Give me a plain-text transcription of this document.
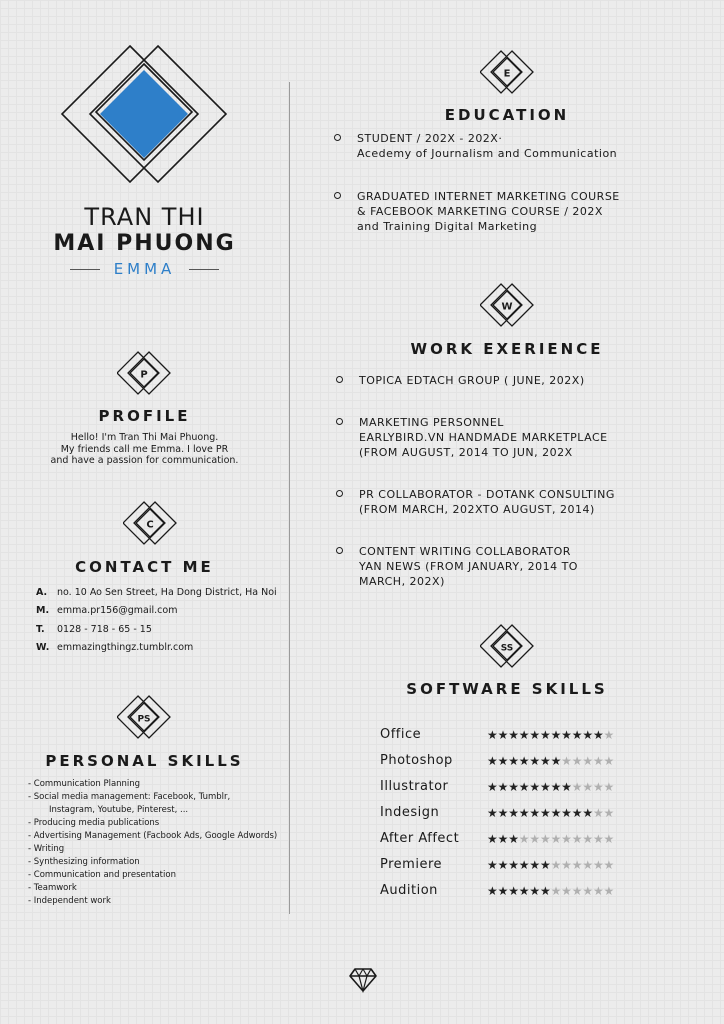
TRAN THI
MAI PHUONG
EMMA
P
PROFILE
Hello! I'm Tran Thi Mai Phuong.
My friends call me Emma. I love PR
and have a passion for communication.
C
CONTACT ME
A. no. 10 Ao Sen Street, Ha Dong District, Ha Noi
M. emma.pr156@gmail.com
T. 0128 - 718 - 65 - 15
W. emmazingthingz.tumblr.com
PS
PERSONAL SKILLS
- Communication Planning
- Social media management: Facebook, Tumblr,
Instagram, Youtube, Pinterest, ...
- Producing media publications
- Advertising Management (Facbook Ads, Google Adwords)
- Writing
- Synthesizing information
- Communication and presentation
- Teamwork
- Independent work
E
EDUCATION
STUDENT / 202X - 202X·
Acedemy of Journalism and Communication
GRADUATED INTERNET MARKETING COURSE
& FACEBOOK MARKETING COURSE / 202X
and Training Digital Marketing
W
WORK EXERIENCE
TOPICA EDTACH GROUP ( JUNE, 202X)
MARKETING PERSONNEL
EARLYBIRD.VN HANDMADE MARKETPLACE
(FROM AUGUST, 2014 TO JUN, 202X
PR COLLABORATOR - DOTANK CONSULTING
(FROM MARCH, 202XTO AUGUST, 2014)
CONTENT WRITING COLLABORATOR
YAN NEWS (FROM JANUARY, 2014 TO
MARCH, 202X)
SS
SOFTWARE SKILLS
Office	★★★★★★★★★★★★
Photoshop	★★★★★★★★★★★★
Illustrator	★★★★★★★★★★★★
Indesign	★★★★★★★★★★★★
After Affect ★★★★★★★★★★★★
Premiere	★★★★★★★★★★★★
Audition	★★★★★★★★★★★★
